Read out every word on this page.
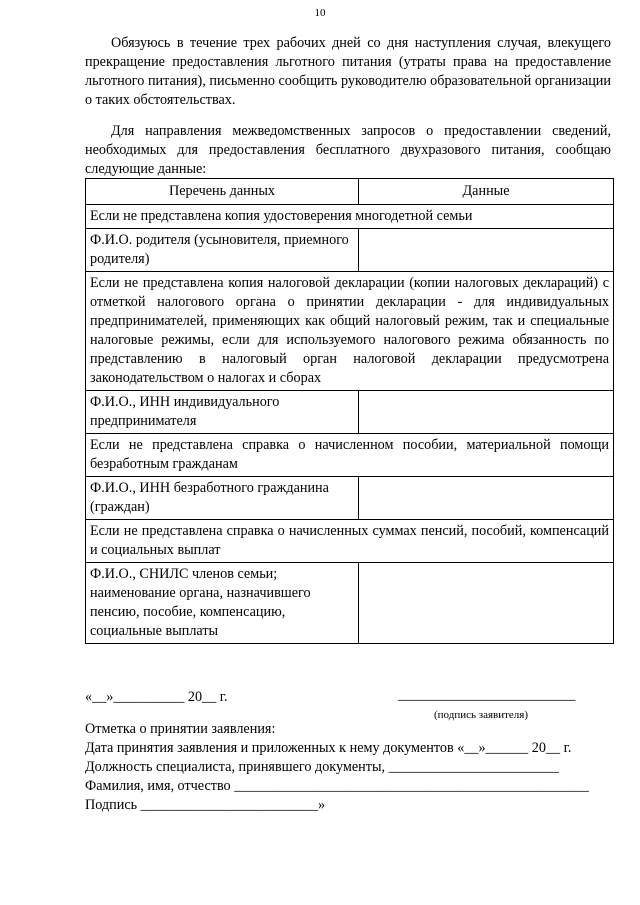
10

Обязуюсь в течение трех рабочих дней со дня наступления случая, влекущего прекращение предоставления льготного питания (утраты права на предоставление льготного питания), письменно сообщить руководителю образовательной организации о таких обстоятельствах.

Для направления межведомственных запросов о предоставлении сведений, необходимых для предоставления бесплатного двухразового питания, сообщаю следующие данные:

Перечень данных	Данные
Если не представлена копия удостоверения многодетной семьи	
Ф.И.О. родителя (усыновителя, приемного родителя)	
Если не представлена копия налоговой декларации (копии налоговых деклараций) с отметкой налогового органа о принятии декларации - для индивидуальных предпринимателей, применяющих как общий налоговый режим, так и специальные налоговые режимы, если для используемого налогового режима обязанность по представлению в налоговый орган налоговой декларации предусмотрена законодательством о налогах и сборах	
Ф.И.О., ИНН индивидуального предпринимателя	
Если не представлена справка о начисленном пособии, материальной помощи безработным гражданам	
Ф.И.О., ИНН безработного гражданина (граждан)	
Если не представлена справка о начисленных суммах пенсий, пособий, компенсаций и социальных выплат	
Ф.И.О., СНИЛС членов семьи; наименование органа, назначившего пенсию, пособие, компенсацию, социальные выплаты	
«__»__________ 20__ г.	_________________________
(подпись заявителя)
Отметка о принятии заявления:
Дата принятия заявления и приложенных к нему документов «__»______ 20__ г.
Должность специалиста, принявшего документы, ________________________
Фамилия, имя, отчество __________________________________________________
Подпись _________________________»
